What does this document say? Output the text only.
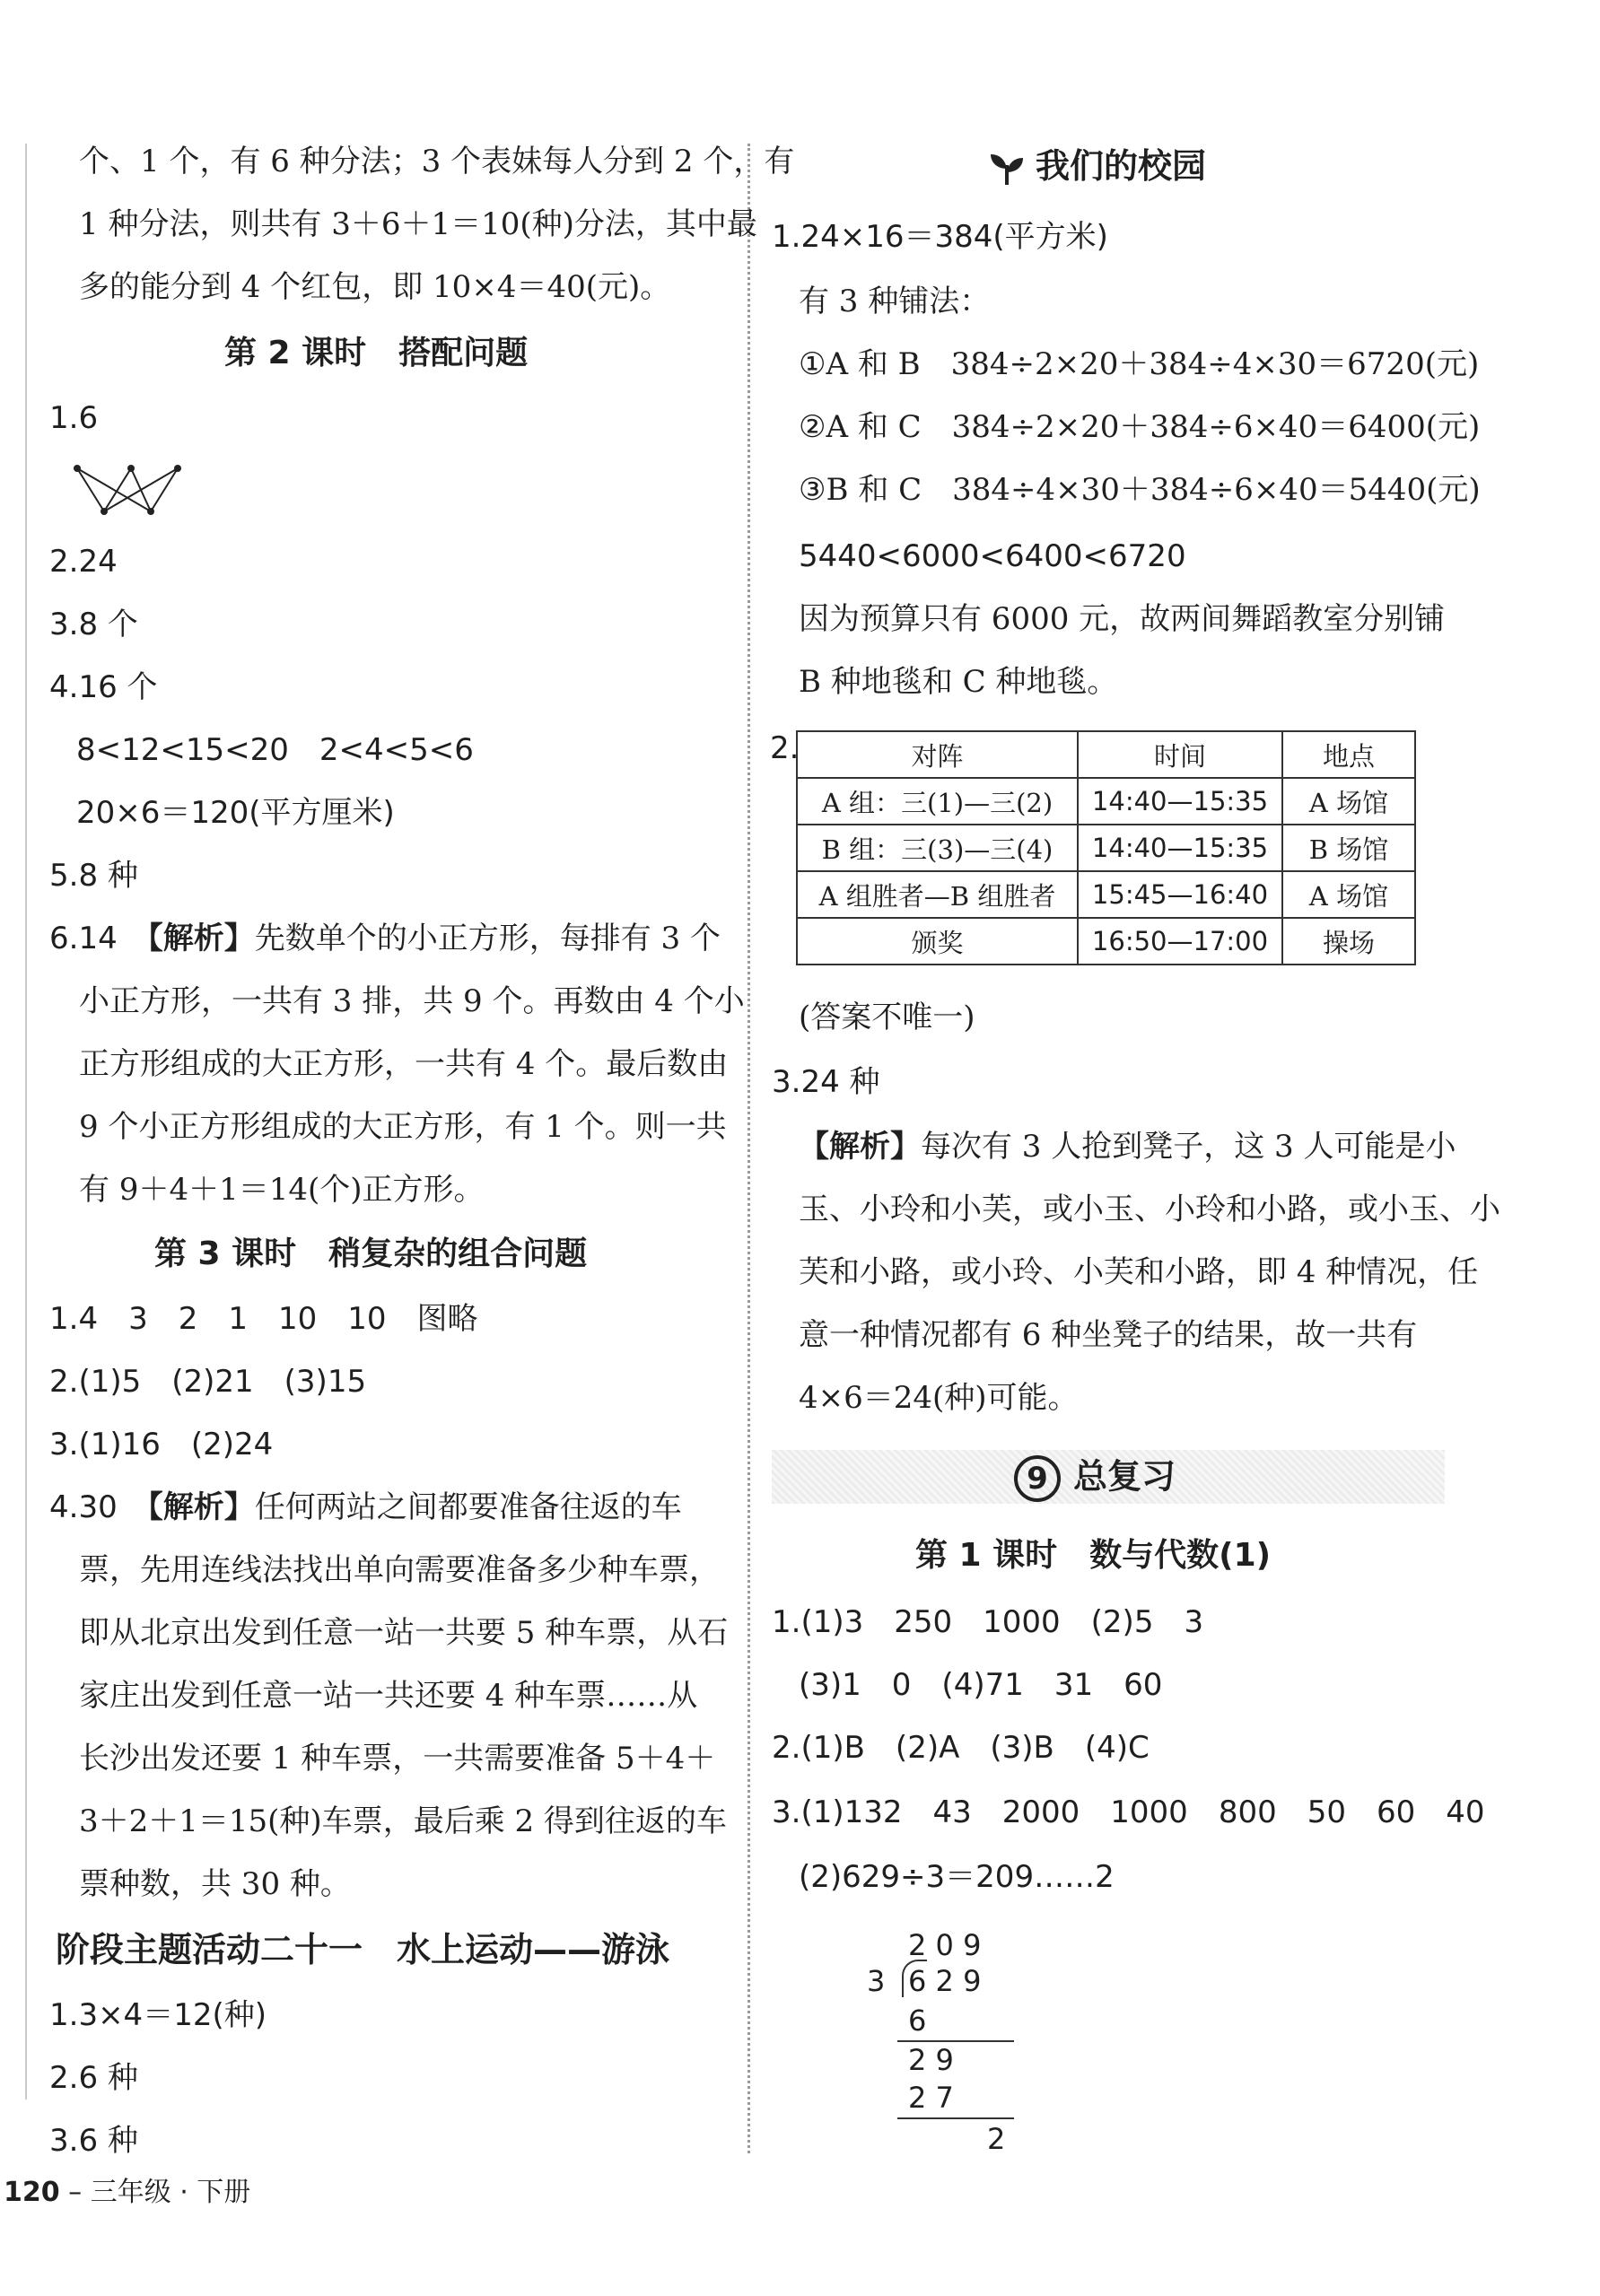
个、1 个，有 6 种分法；3 个表妹每人分到 2 个，有
1 种分法，则共有 3＋6＋1＝10(种)分法，其中最
多的能分到 4 个红包，即 10×4＝40(元)。
第 2 课时　搭配问题
1.6
2.24
3.8 个
4.16 个
8<12<15<20　2<4<5<6
20×6＝120(平方厘米)
5.8 种
6.14　 【解析】先数单个的小正方形，每排有 3 个
小正方形，一共有 3 排，共 9 个。再数由 4 个小
正方形组成的大正方形，一共有 4 个。最后数由
9 个小正方形组成的大正方形，有 1 个。则一共
有 9＋4＋1＝14(个)正方形。
第 3 课时　稍复杂的组合问题
1.4　3　2　1　10　10　图略
2.(1)5　(2)21　(3)15
3.(1)16　(2)24
4.30　 【解析】任何两站之间都要准备往返的车
票，先用连线法找出单向需要准备多少种车票，
即从北京出发到任意一站一共要 5 种车票，从石
家庄出发到任意一站一共还要 4 种车票……从
长沙出发还要 1 种车票，一共需要准备 5＋4＋
3＋2＋1＝15(种)车票，最后乘 2 得到往返的车
票种数，共 30 种。
阶段主题活动二十一　水上运动——游泳
1.3×4＝12(种)
2.6 种
3.6 种
我们的校园
1.24×16＝384(平方米)
有 3 种铺法：
①A 和 B　384÷2×20＋384÷4×30＝6720(元)
②A 和 C　384÷2×20＋384÷6×40＝6400(元)
③B 和 C　384÷4×30＋384÷6×40＝5440(元)
5440<6000<6400<6720
因为预算只有 6000 元，故两间舞蹈教室分别铺
B 种地毯和 C 种地毯。
2.	对阵	时间	地点
A 组：三(1)—三(2)	14:40—15:35	A 场馆
B 组：三(3)—三(4)	14:40—15:35	B 场馆
A 组胜者—B 组胜者	15:45—16:40	A 场馆
颁奖	16:50—17:00	操场
(答案不唯一)
3.24 种
【解析】每次有 3 人抢到凳子，这 3 人可能是小
玉、小玲和小芙，或小玉、小玲和小路，或小玉、小
芙和小路，或小玲、小芙和小路，即 4 种情况，任
意一种情况都有 6 种坐凳子的结果，故一共有
4×6＝24(种)可能。
9 总复习
第 1 课时　数与代数(1)
1.(1)3　250　1000　(2)5　3
(3)1　0　(4)71　31　60
2.(1)B　(2)A　(3)B　(4)C
3.(1)132　43　2000　1000　800　50　60　40
(2)629÷3＝209……2
2 0 9
3 6 2 9
6
2 9
2 7
2
120 – 三年级 · 下册
